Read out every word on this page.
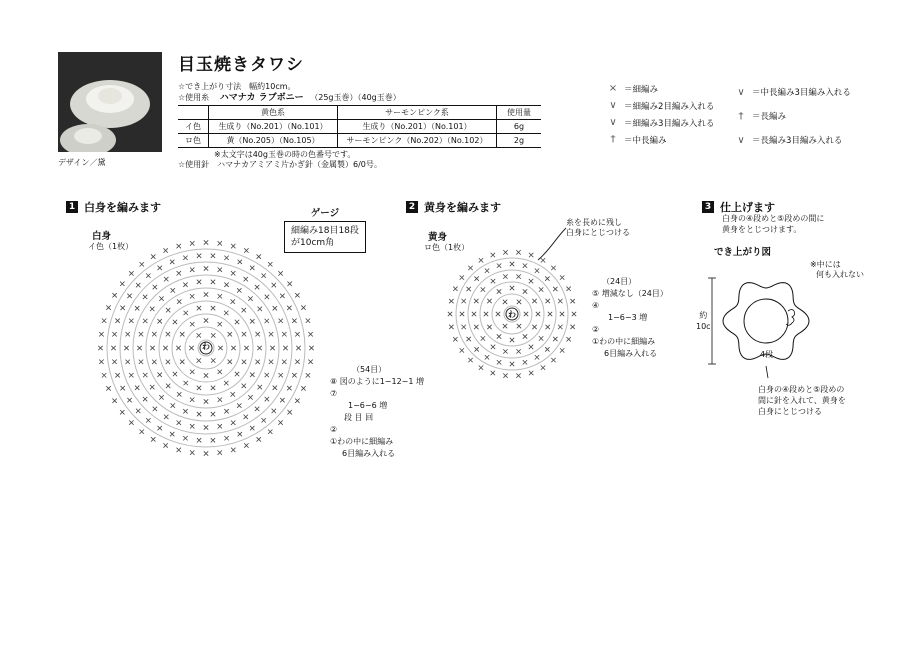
デザイン／黛
目玉焼きタワシ
☆でき上がり寸法　幅約10cm。
☆使用糸 ハマナカ ラブボニー （25g玉巻）（40g玉巻）
	黄色系	サーモンピンク系	使用量
イ色	生成り（No.201）（No.101）	生成り（No.201）（No.101）	6g
ロ色	黄（No.205）（No.105）	サーモンピンク（No.202）（No.102）	2g
※太文字は40g玉巻の時の色番号です。
☆使用針　ハマナカアミアミ片かぎ針（金属製）6/0号。
× ＝細編み
∨ ＝細編み2目編み入れる
∨ ＝細編み3目編み入れる
†	＝中長編み
∨ ＝中長編み3目編み入れる
†	＝長編み
∨ ＝長編み3目編み入れる
1 白身を編みます
白身
イ色（1枚）
ゲージ
細編み18目18段
が10cm角
わ
（54目）
⑧ 図のように1−12−1 増
⑦
1−6−6 増
段 目 回
②
①わの中に細編み
6目編み入れる
2 黄身を編みます
糸を長めに残し
白身にとじつける
黄身
ロ色（1枚）
わ
（24目）
⑤ 増減なし（24目）
④
1−6−3 増
②
①わの中に細編み
6目編み入れる
3 仕上げます
白身の④段めと⑤段めの間に
黄身をとじつけます。
でき上がり図
※中には
何も入れない
約
10c
4段
白身の④段めと⑤段めの
間に針を入れて、黄身を
白身にとじつける
